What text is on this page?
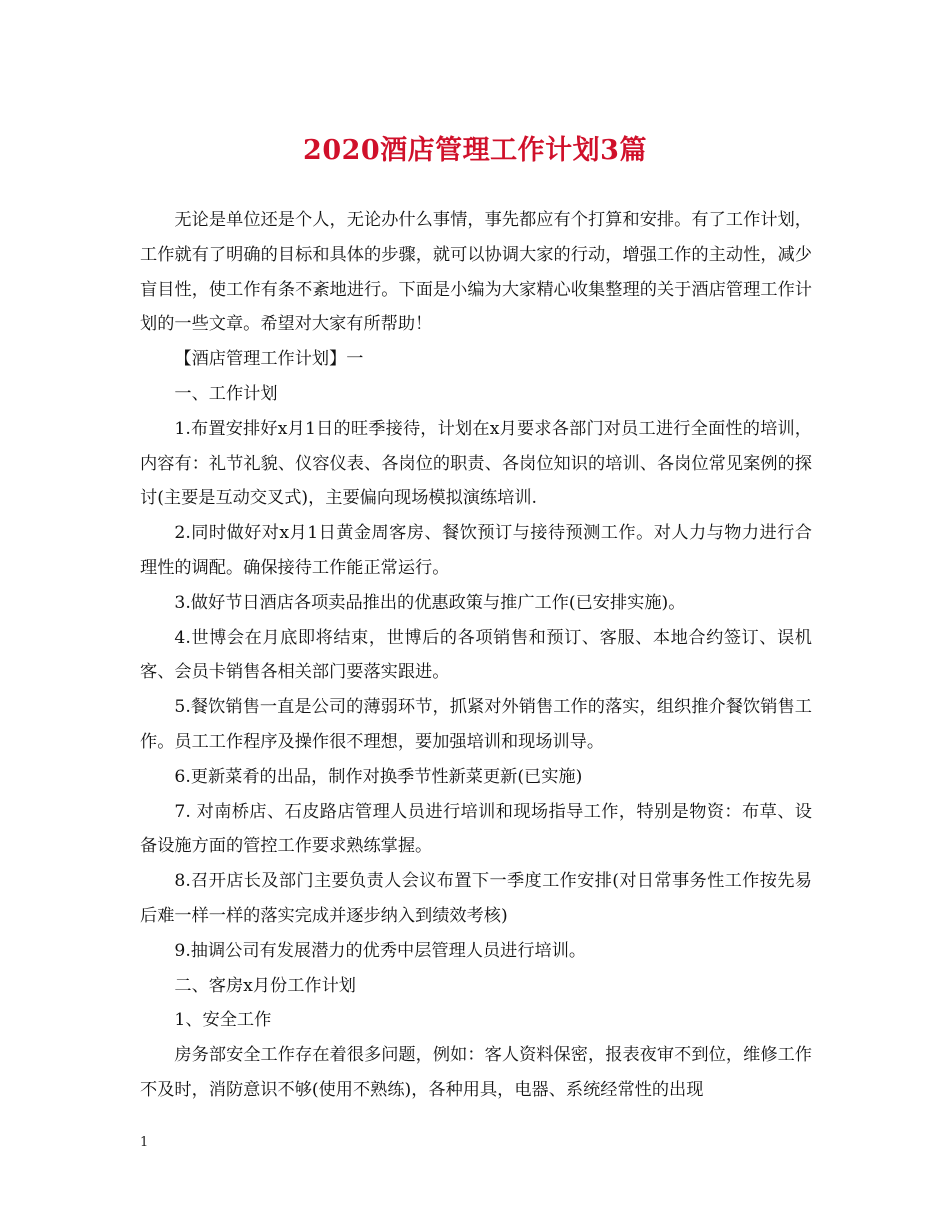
2020酒店管理工作计划3篇

无论是单位还是个人，无论办什么事情，事先都应有个打算和安排。有了工作计划，工作就有了明确的目标和具体的步骤，就可以协调大家的行动，增强工作的主动性，减少盲目性，使工作有条不紊地进行。下面是小编为大家精心收集整理的关于酒店管理工作计划的一些文章。希望对大家有所帮助！

【酒店管理工作计划】一

一、工作计划

1.布置安排好x月1日的旺季接待，计划在x月要求各部门对员工进行全面性的培训，内容有：礼节礼貌、仪容仪表、各岗位的职责、各岗位知识的培训、各岗位常见案例的探讨(主要是互动交叉式)，主要偏向现场模拟演练培训.

2.同时做好对x月1日黄金周客房、餐饮预订与接待预测工作。对人力与物力进行合理性的调配。确保接待工作能正常运行。

3.做好节日酒店各项卖品推出的优惠政策与推广工作(已安排实施)。

4.世博会在月底即将结束，世博后的各项销售和预订、客服、本地合约签订、误机客、会员卡销售各相关部门要落实跟进。

5.餐饮销售一直是公司的薄弱环节，抓紧对外销售工作的落实，组织推介餐饮销售工作。员工工作程序及操作很不理想，要加强培训和现场训导。

6.更新菜肴的出品，制作对换季节性新菜更新(已实施)

7. 对南桥店、石皮路店管理人员进行培训和现场指导工作，特别是物资：布草、设备设施方面的管控工作要求熟练掌握。

8.召开店长及部门主要负责人会议布置下一季度工作安排(对日常事务性工作按先易后难一样一样的落实完成并逐步纳入到绩效考核)

9.抽调公司有发展潜力的优秀中层管理人员进行培训。

二、客房x月份工作计划

1、安全工作

房务部安全工作存在着很多问题，例如：客人资料保密，报表夜审不到位，维修工作不及时，消防意识不够(使用不熟练)，各种用具，电器、系统经常性的出现

1
